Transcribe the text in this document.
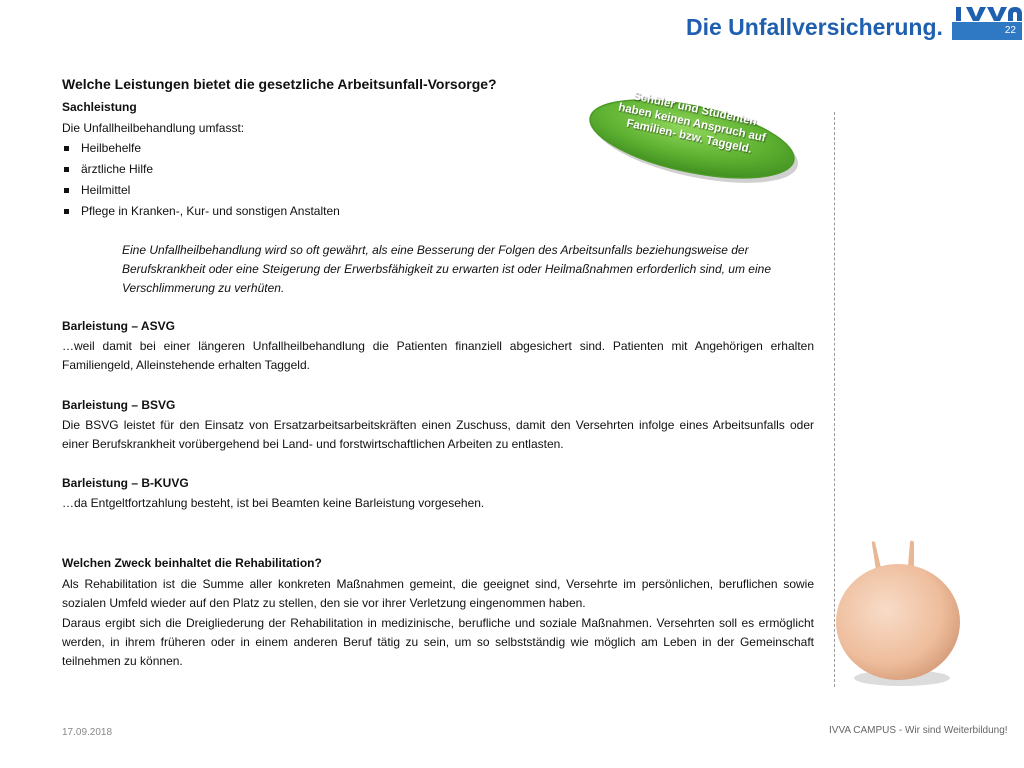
Die Unfallversicherung.	22
Welche Leistungen bietet die gesetzliche Arbeitsunfall-Vorsorge?

Sachleistung

Die Unfallheilbehandlung umfasst:

Heilbehelfe
ärztliche Hilfe
Heilmittel
Pflege in Kranken-, Kur- und sonstigen Anstalten
Eine Unfallheilbehandlung wird so oft gewährt, als eine Besserung der Folgen des Arbeitsunfalls beziehungsweise der Berufskrankheit oder eine Steigerung der Erwerbsfähigkeit zu erwarten ist oder Heilmaßnahmen erforderlich sind, um eine Verschlimmerung zu verhüten.

Barleistung – ASVG

…weil damit bei einer längeren Unfallheilbehandlung die Patienten finanziell abgesichert sind. Patienten mit Angehörigen erhalten Familiengeld, Alleinstehende erhalten Taggeld.

Barleistung – BSVG

Die BSVG leistet für den Einsatz von Ersatzarbeitsarbeitskräften einen Zuschuss, damit den Versehrten infolge eines Arbeitsunfalls oder einer Berufskrankheit vorübergehend bei Land- und forstwirtschaftlichen Arbeiten zu entlasten.

Barleistung – B-KUVG

…da Entgeltfortzahlung besteht, ist bei Beamten keine Barleistung vorgesehen.

Welchen Zweck beinhaltet die Rehabilitation?

Als Rehabilitation ist die Summe aller konkreten Maßnahmen gemeint, die geeignet sind, Versehrte im persönlichen, beruflichen sowie sozialen Umfeld wieder auf den Platz zu stellen, den sie vor ihrer Verletzung eingenommen haben.

Daraus ergibt sich die Dreigliederung der Rehabilitation in medizinische, berufliche und soziale Maßnahmen. Versehrten soll es ermöglicht werden, in ihrem früheren oder in einem anderen Beruf tätig zu sein, um so selbstständig wie möglich am Leben in der Gemeinschaft teilnehmen zu können.

Schüler und Studenten haben keinen Anspruch auf Familien- bzw. Taggeld.
17.09.2018	IVVA CAMPUS - Wir sind Weiterbildung!
